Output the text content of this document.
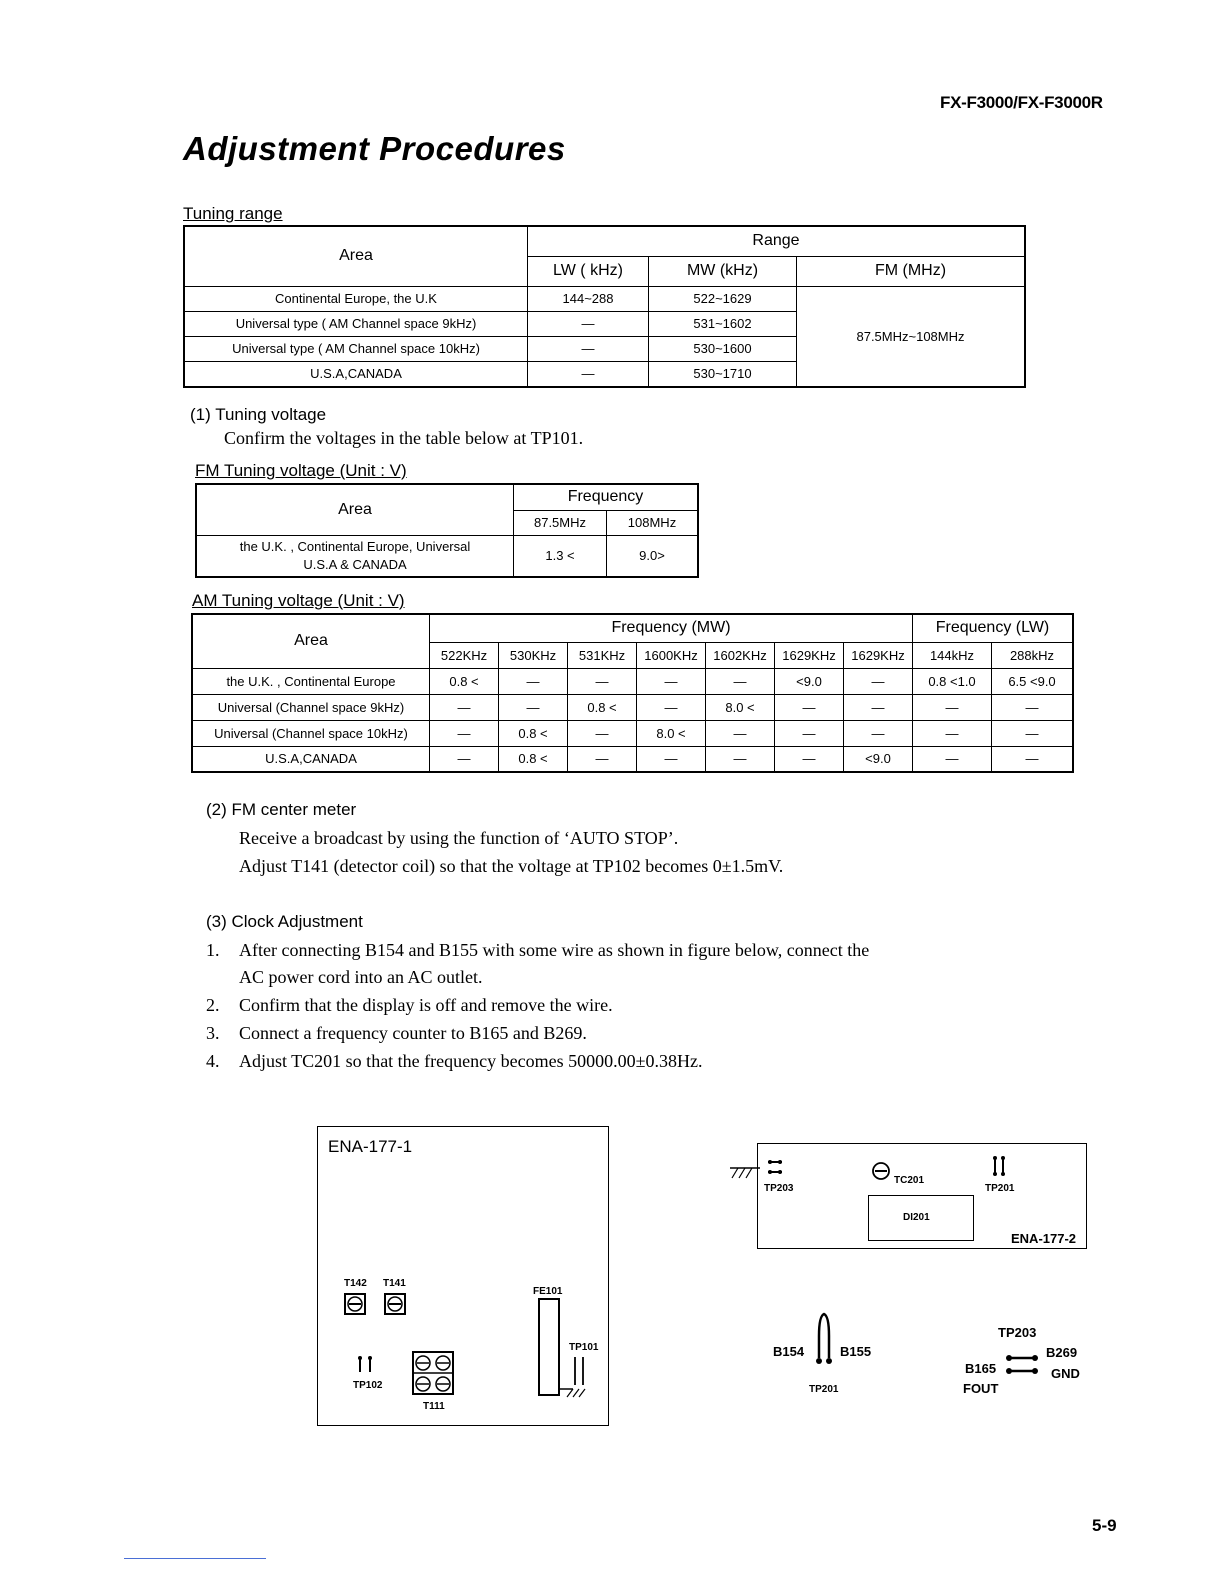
FX-F3000/FX-F3000R
Adjustment Procedures
Tuning range
Area	Range		
	LW ( kHz)	MW (kHz)	FM (MHz)
Continental Europe, the U.K	144~288	522~1629	87.5MHz~108MHz
Universal type ( AM Channel space 9kHz)	—	531~1602	
Universal type ( AM Channel space 10kHz)	—	530~1600	
U.S.A,CANADA	—	530~1710	
(1) Tuning voltage
Confirm the voltages in the table below at TP101.
FM Tuning voltage (Unit : V)
Area	Frequency	
	87.5MHz	108MHz

the U.K. , Continental Europe, Universal
U.S.A & CANADA	1.3 <	9.0>
AM Tuning voltage (Unit : V)
Area	Frequency (MW)							Frequency (LW)	
	522KHz	530KHz	531KHz	1600KHz	1602KHz	1629KHz	1629KHz	144kHz	288kHz
the U.K. , Continental Europe	0.8 <	—	—	—	—	<9.0	—	0.8 <1.0	6.5 <9.0
Universal (Channel space 9kHz)	—	—	0.8 <	—	8.0 <	—	—	—	—
Universal (Channel space 10kHz)	—	0.8 <	—	8.0 <	—	—	—	—	—
U.S.A,CANADA	—	0.8 <	—	—	—	—	<9.0	—	—
(2) FM center meter
Receive a broadcast by using the function of ‘AUTO STOP’.
Adjust T141 (detector coil) so that the voltage at TP102 becomes 0±1.5mV.
(3) Clock Adjustment
1. After connecting B154 and B155 with some wire as shown in figure below, connect the
AC power cord into an AC outlet.
2. Confirm that the display is off and remove the wire.
3. Connect a frequency counter to B165 and B269.
4. Adjust TC201 so that the frequency becomes 50000.00±0.38Hz.
ENA-177-1
T142 T141
TP102
T111
FE101
TP101
TP203
TC201
TP201
DI201
ENA-177-2
B154	B155
TP201
TP203
B269
B165	GND
FOUT
5-9
